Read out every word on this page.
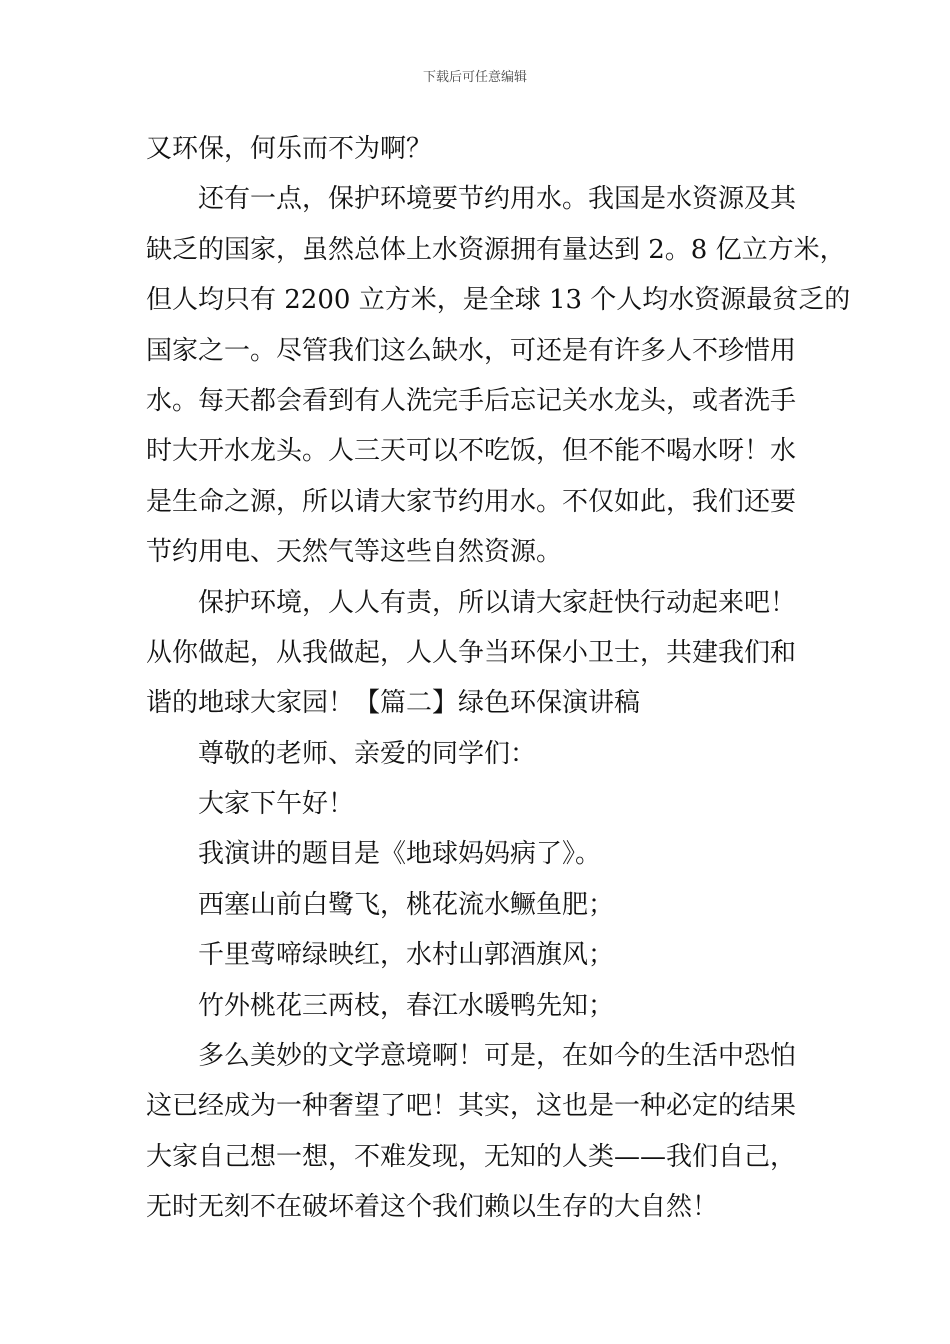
下载后可任意编辑
又环保，何乐而不为啊？
还有一点，保护环境要节约用水。我国是水资源及其
缺乏的国家，虽然总体上水资源拥有量达到 2。8 亿立方米，
但人均只有 2200 立方米，是全球 13 个人均水资源最贫乏的
国家之一。尽管我们这么缺水，可还是有许多人不珍惜用
水。每天都会看到有人洗完手后忘记关水龙头，或者洗手
时大开水龙头。人三天可以不吃饭，但不能不喝水呀！水
是生命之源，所以请大家节约用水。不仅如此，我们还要
节约用电、天然气等这些自然资源。
保护环境，人人有责，所以请大家赶快行动起来吧！
从你做起，从我做起，人人争当环保小卫士，共建我们和
谐的地球大家园！【篇二】绿色环保演讲稿
尊敬的老师、亲爱的同学们：
大家下午好！
我演讲的题目是《地球妈妈病了》。
西塞山前白鹭飞，桃花流水鳜鱼肥；
千里莺啼绿映红，水村山郭酒旗风；
竹外桃花三两枝，春江水暖鸭先知；
多么美妙的文学意境啊！可是，在如今的生活中恐怕
这已经成为一种奢望了吧！其实，这也是一种必定的结果
大家自己想一想，不难发现，无知的人类——我们自己，
无时无刻不在破坏着这个我们赖以生存的大自然！
